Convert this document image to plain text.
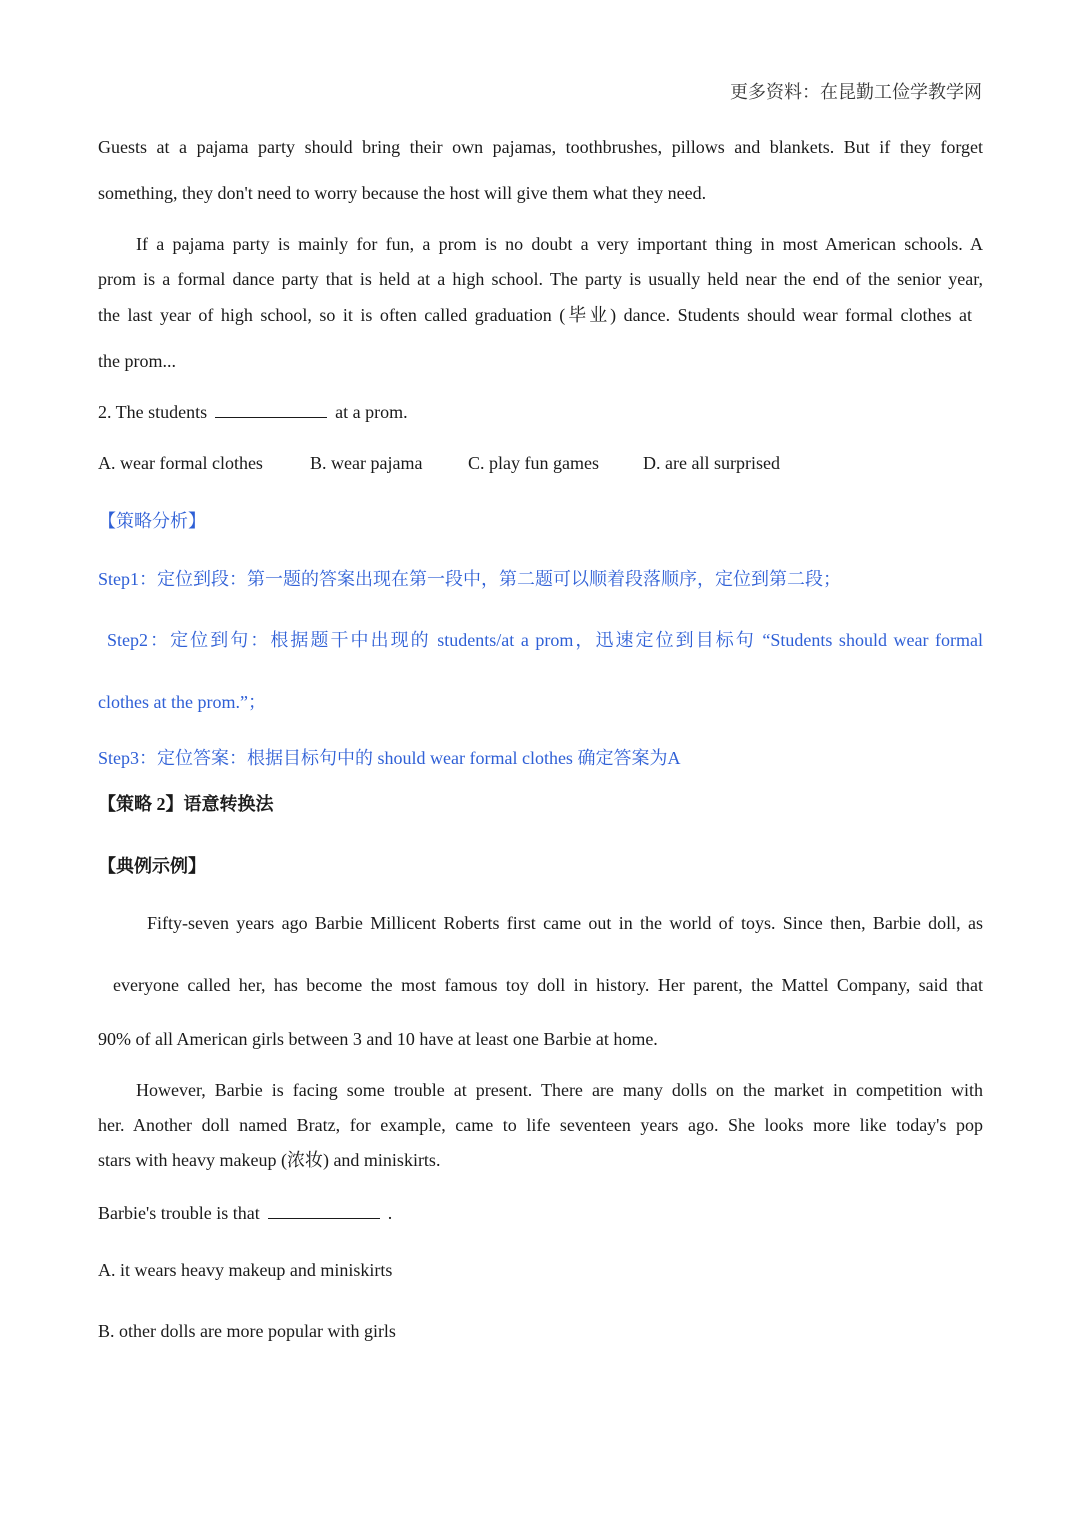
更多资料：在昆勤工俭学教学网
Guests at a pajama party should bring their own pajamas, toothbrushes, pillows and blankets. But if they forget
something, they don't need to worry because the host will give them what they need.
If a pajama party is mainly for fun, a prom is no doubt a very important thing in most American schools. A
prom is a formal dance party that is held at a high school. The party is usually held near the end of the senior year,
the last year of high school, so it is often called graduation (毕业) dance. Students should wear formal clothes at
the prom...
2. The students	at a prom.
A. wear formal clothes	B. wear pajama	C. play fun games D. are all surprised
【策略分析】
Step1：定位到段：第一题的答案出现在第一段中，第二题可以顺着段落顺序，定位到第二段；
Step2：定位到句：根据题干中出现的 students/at a prom，迅速定位到目标句 “Students should wear formal
clothes at the prom.”；
Step3：定位答案：根据目标句中的 should wear formal clothes 确定答案为A
【策略 2】语意转换法
【典例示例】
Fifty-seven years ago Barbie Millicent Roberts first came out in the world of toys. Since then, Barbie doll, as
everyone called her, has become the most famous toy doll in history. Her parent, the Mattel Company, said that
90% of all American girls between 3 and 10 have at least one Barbie at home.
However, Barbie is facing some trouble at present. There are many dolls on the market in competition with
her. Another doll named Bratz, for example, came to life seventeen years ago. She looks more like today's pop
stars with heavy makeup (浓妆) and miniskirts.
Barbie's trouble is that	.
A. it wears heavy makeup and miniskirts
B. other dolls are more popular with girls
